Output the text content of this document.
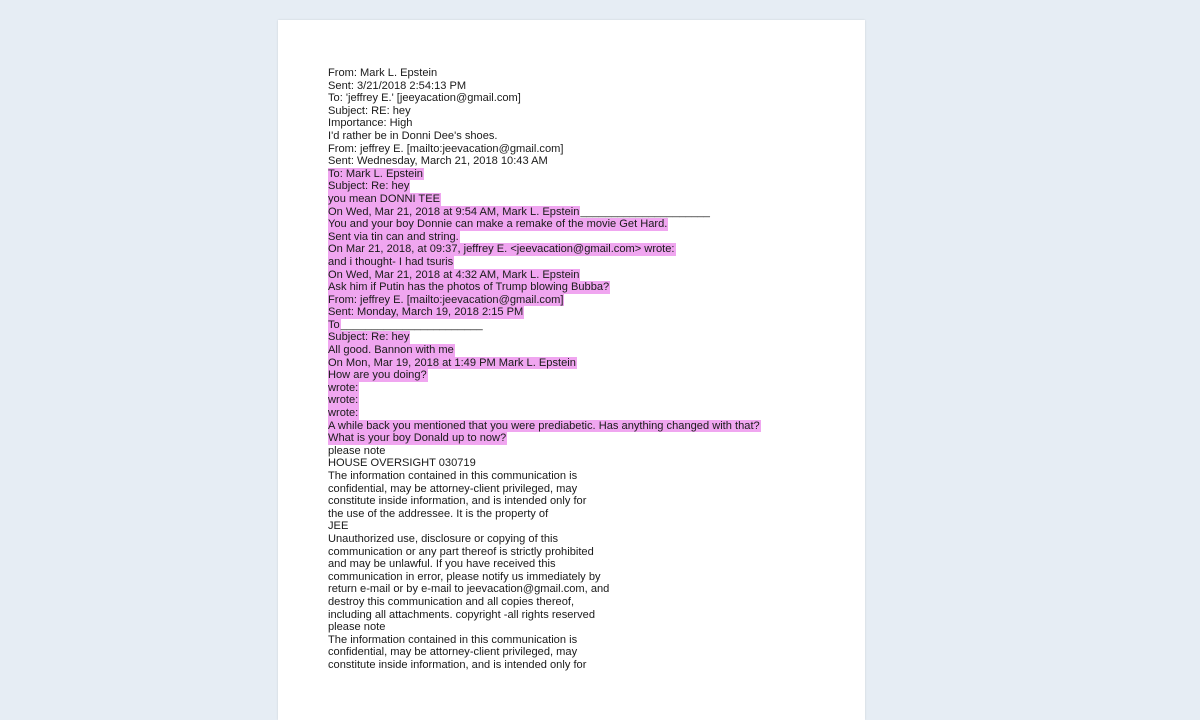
From: Mark L. Epstein
Sent: 3/21/2018 2:54:13 PM
To: 'jeffrey E.' [jeeyacation@gmail.com]
Subject: RE: hey
Importance: High
I'd rather be in Donni Dee's shoes.
From: jeffrey E. [mailto:jeevacation@gmail.com]
Sent: Wednesday, March 21, 2018 10:43 AM
To: Mark L. Epstein
Subject: Re: hey
you mean DONNI TEE
On Wed, Mar 21, 2018 at 9:54 AM, Mark L. Epstein_____________________
You and your boy Donnie can make a remake of the movie Get Hard.
Sent via tin can and string.
On Mar 21, 2018, at 09:37, jeffrey E. <jeevacation@gmail.com> wrote:
and i thought- I had tsuris
On Wed, Mar 21, 2018 at 4:32 AM, Mark L. Epstein
Ask him if Putin has the photos of Trump blowing Bubba?
From: jeffrey E. [mailto:jeevacation@gmail.com]
Sent: Monday, March 19, 2018 2:15 PM
To_______________________
Subject: Re: hey
All good. Bannon with me
On Mon, Mar 19, 2018 at 1:49 PM Mark L. Epstein
How are you doing?
wrote:
wrote:
wrote:
A while back you mentioned that you were prediabetic. Has anything changed with that?
What is your boy Donald up to now?
please note
HOUSE OVERSIGHT 030719
The information contained in this communication is
confidential, may be attorney-client privileged, may
constitute inside information, and is intended only for
the use of the addressee. It is the property of
JEE
Unauthorized use, disclosure or copying of this
communication or any part thereof is strictly prohibited
and may be unlawful. If you have received this
communication in error, please notify us immediately by
return e-mail or by e-mail to jeevacation@gmail.com, and
destroy this communication and all copies thereof,
including all attachments. copyright -all rights reserved
please note
The information contained in this communication is
confidential, may be attorney-client privileged, may
constitute inside information, and is intended only for
